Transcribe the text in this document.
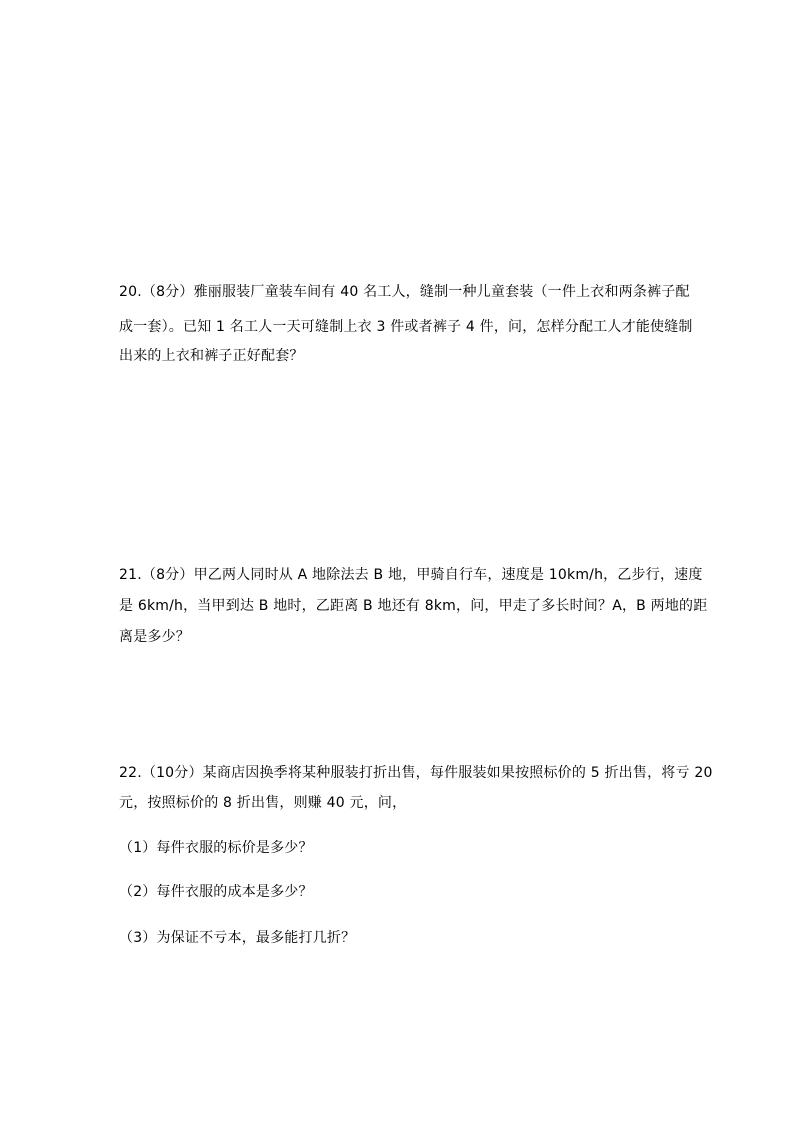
20.（8分）雅丽服装厂童装车间有 40 名工人，缝制一种儿童套装（一件上衣和两条裤子配
成一套）。已知 1 名工人一天可缝制上衣 3 件或者裤子 4 件，问，怎样分配工人才能使缝制
出来的上衣和裤子正好配套？
21.（8分）甲乙两人同时从 A 地除法去 B 地，甲骑自行车，速度是 10km/h，乙步行，速度
是 6km/h，当甲到达 B 地时，乙距离 B 地还有 8km，问，甲走了多长时间？A，B 两地的距
离是多少？
22.（10分）某商店因换季将某种服装打折出售，每件服装如果按照标价的 5 折出售，将亏 20
元，按照标价的 8 折出售，则赚 40 元，问，
（1）每件衣服的标价是多少？
（2）每件衣服的成本是多少？
（3）为保证不亏本，最多能打几折？
